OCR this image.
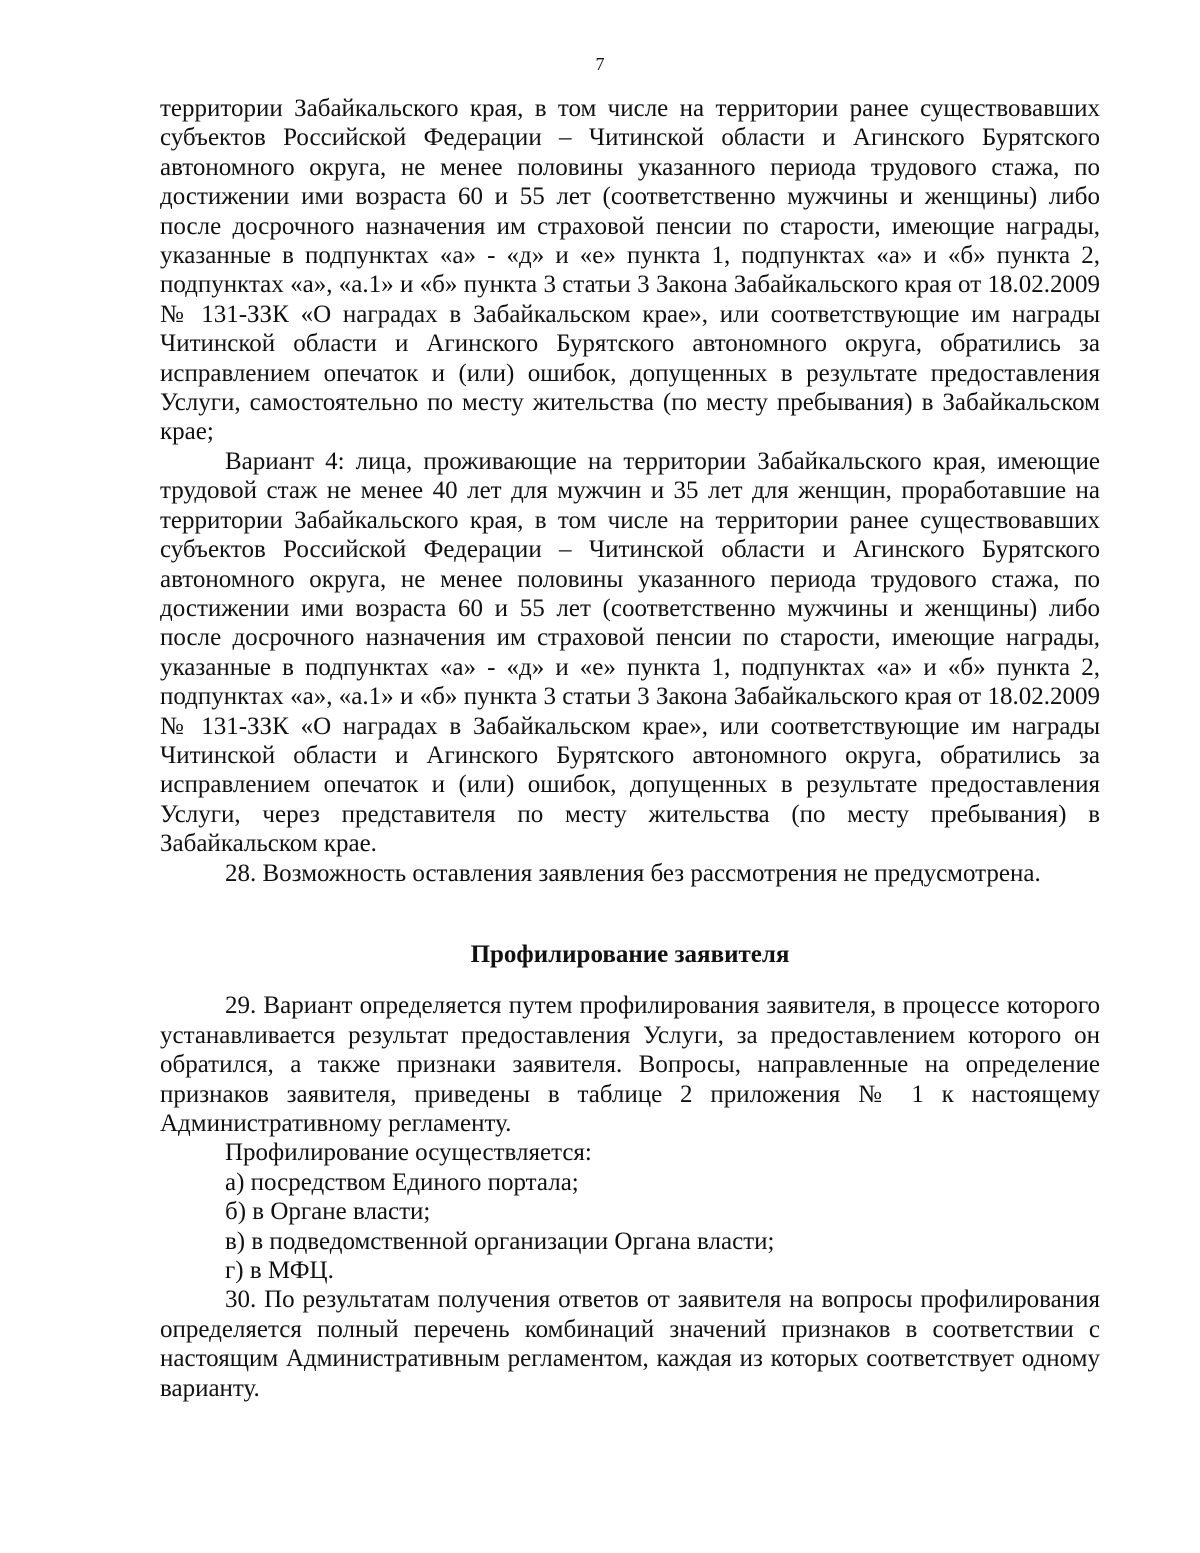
7

территории Забайкальского края, в том числе на территории ранее существовавших субъектов Российской Федерации – Читинской области и Агинского Бурятского автономного округа, не менее половины указанного периода трудового стажа, по достижении ими возраста 60 и 55 лет (соответственно мужчины и женщины) либо после досрочного назначения им страховой пенсии по старости, имеющие награды, указанные в подпунктах «а» - «д» и «е» пункта 1, подпунктах «а» и «б» пункта 2, подпунктах «а», «а.1» и «б» пункта 3 статьи 3 Закона Забайкальского края от 18.02.2009 № 131-ЗЗК «О наградах в Забайкальском крае», или соответствующие им награды Читинской области и Агинского Бурятского автономного округа, обратились за исправлением опечаток и (или) ошибок, допущенных в результате предоставления Услуги, самостоятельно по месту жительства (по месту пребывания) в Забайкальском крае;

Вариант 4: лица, проживающие на территории Забайкальского края, имеющие трудовой стаж не менее 40 лет для мужчин и 35 лет для женщин, проработавшие на территории Забайкальского края, в том числе на территории ранее существовавших субъектов Российской Федерации – Читинской области и Агинского Бурятского автономного округа, не менее половины указанного периода трудового стажа, по достижении ими возраста 60 и 55 лет (соответственно мужчины и женщины) либо после досрочного назначения им страховой пенсии по старости, имеющие награды, указанные в подпунктах «а» - «д» и «е» пункта 1, подпунктах «а» и «б» пункта 2, подпунктах «а», «а.1» и «б» пункта 3 статьи 3 Закона Забайкальского края от 18.02.2009 № 131-ЗЗК «О наградах в Забайкальском крае», или соответствующие им награды Читинской области и Агинского Бурятского автономного округа, обратились за исправлением опечаток и (или) ошибок, допущенных в результате предоставления Услуги, через представителя по месту жительства (по месту пребывания) в Забайкальском крае.

28. Возможность оставления заявления без рассмотрения не предусмотрена.

Профилирование заявителя

29. Вариант определяется путем профилирования заявителя, в процессе которого устанавливается результат предоставления Услуги, за предоставлением которого он обратился, а также признаки заявителя. Вопросы, направленные на определение признаков заявителя, приведены в таблице 2 приложения № 1 к настоящему Административному регламенту.

Профилирование осуществляется:

а) посредством Единого портала;

б) в Органе власти;

в) в подведомственной организации Органа власти;

г) в МФЦ.

30. По результатам получения ответов от заявителя на вопросы профилирования определяется полный перечень комбинаций значений признаков в соответствии с настоящим Административным регламентом, каждая из которых соответствует одному варианту.
